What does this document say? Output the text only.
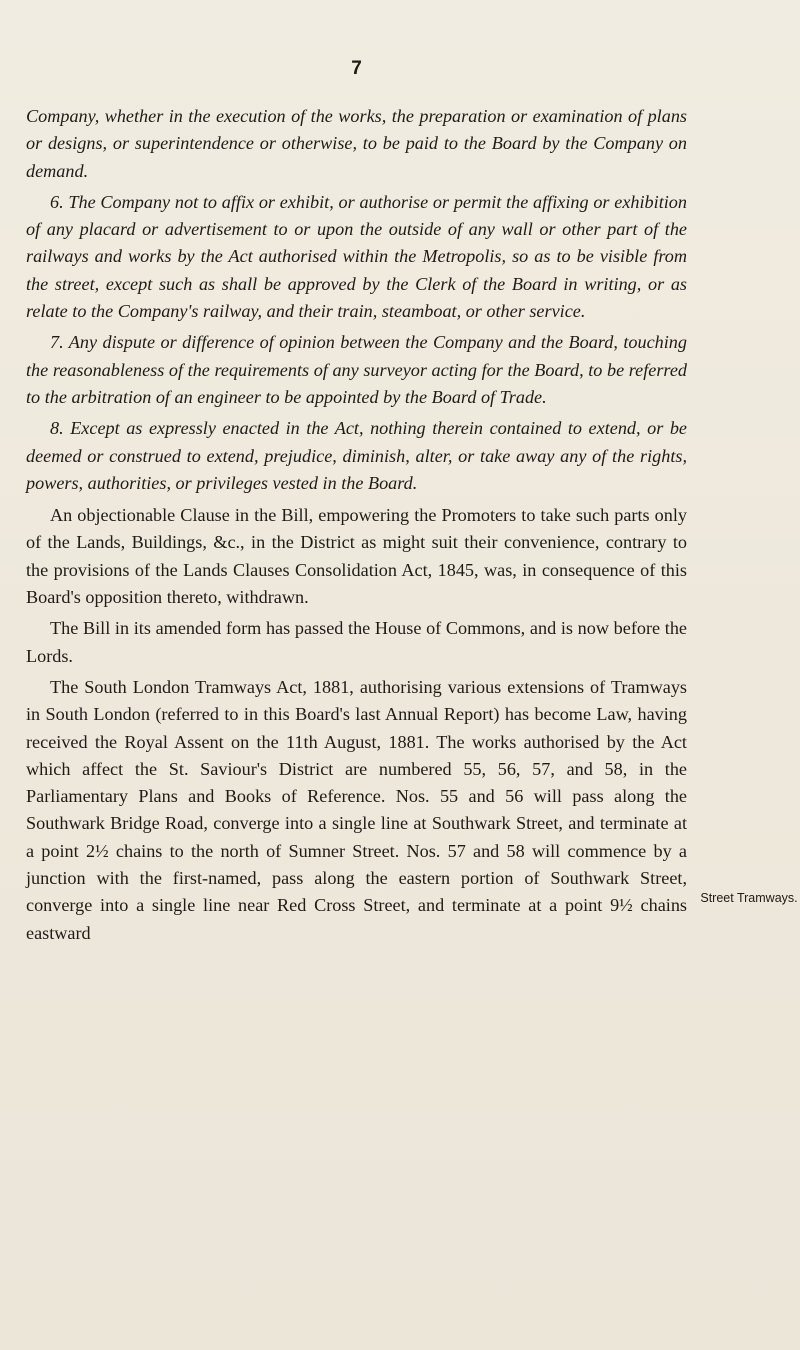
7

Company, whether in the execution of the works, the preparation or examination of plans or designs, or superintendence or otherwise, to be paid to the Board by the Company on demand.

6. The Company not to affix or exhibit, or authorise or permit the affixing or exhibition of any placard or advertisement to or upon the outside of any wall or other part of the railways and works by the Act authorised within the Metropolis, so as to be visible from the street, except such as shall be approved by the Clerk of the Board in writing, or as relate to the Company's railway, and their train, steamboat, or other service.

7. Any dispute or difference of opinion between the Company and the Board, touching the reasonableness of the requirements of any surveyor acting for the Board, to be referred to the arbitration of an engineer to be appointed by the Board of Trade.

8. Except as expressly enacted in the Act, nothing therein contained to extend, or be deemed or construed to extend, prejudice, diminish, alter, or take away any of the rights, powers, authorities, or privileges vested in the Board.

An objectionable Clause in the Bill, empowering the Promoters to take such parts only of the Lands, Buildings, &c., in the District as might suit their convenience, contrary to the provisions of the Lands Clauses Consolidation Act, 1845, was, in consequence of this Board's opposition thereto, withdrawn.

The Bill in its amended form has passed the House of Commons, and is now before the Lords.

The South London Tramways Act, 1881, authorising various extensions of Tramways in South London (referred to in this Board's last Annual Report) has become Law, having received the Royal Assent on the 11th August, 1881. The works authorised by the Act which affect the St. Saviour's District are numbered 55, 56, 57, and 58, in the Parliamentary Plans and Books of Reference. Nos. 55 and 56 will pass along the Southwark Bridge Road, converge into a single line at Southwark Street, and terminate at a point 2½ chains to the north of Sumner Street. Nos. 57 and 58 will commence by a junction with the first-named, pass along the eastern portion of Southwark Street, converge into a single line near Red Cross Street, and terminate at a point 9½ chains eastward

Street Tramways.
